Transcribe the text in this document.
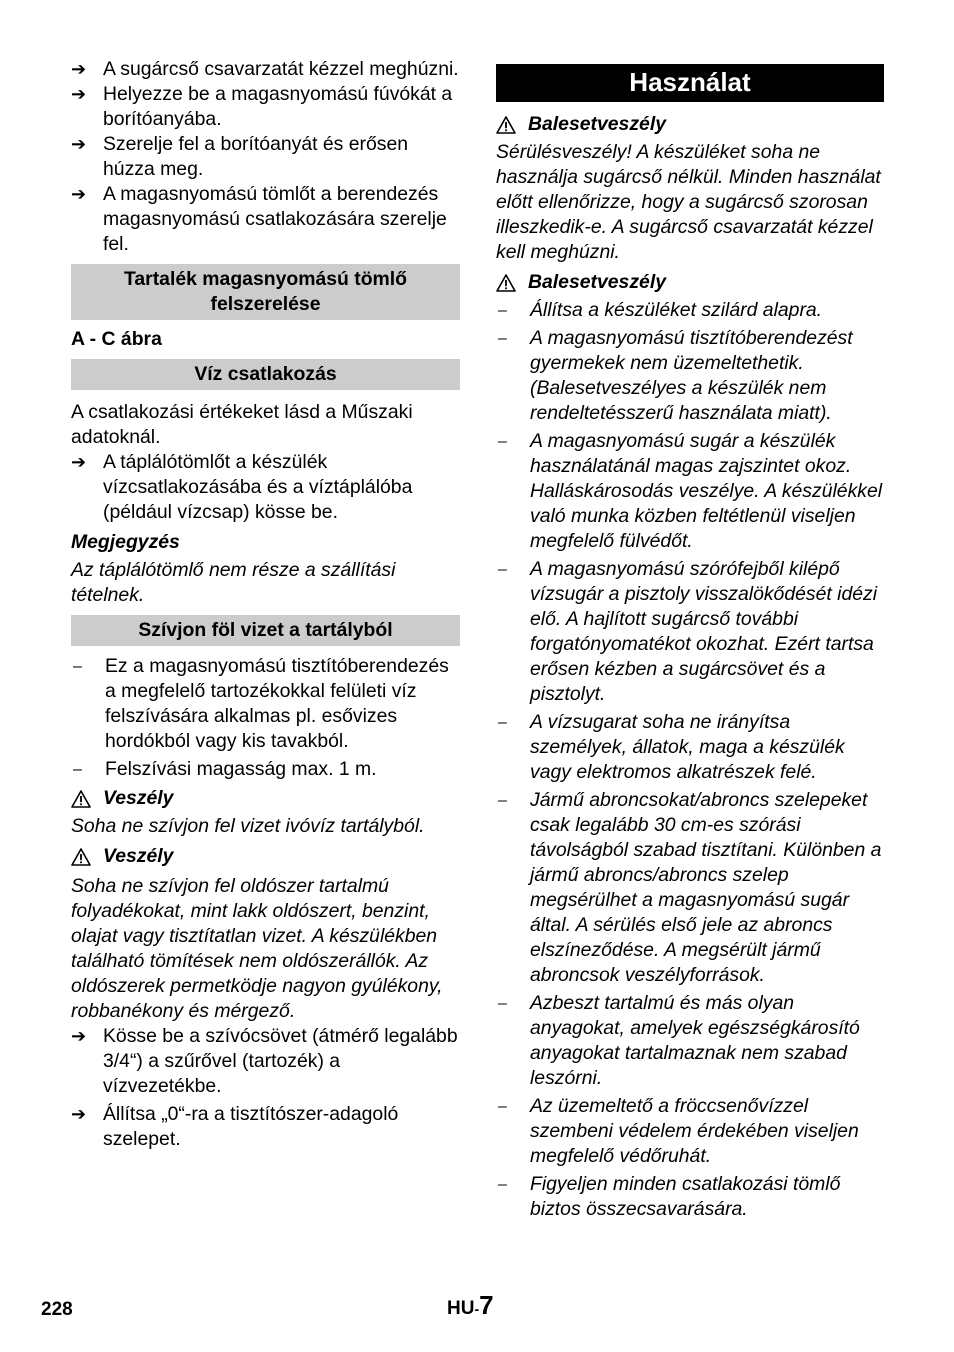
➔ A sugárcső csavarzatát kézzel meghúzni.
➔ Helyezze be a magasnyomású fúvókát a borítóanyába.
➔ Szerelje fel a borítóanyát és erősen húzza meg.
➔ A magasnyomású tömlőt a berendezés magasnyomású csatlakozására szerelje fel.
Tartalék magasnyomású tömlő felszerelése
A - C ábra
Víz csatlakozás
A csatlakozási értékeket lásd a Műszaki adatoknál.
➔ A táplálótömlőt a készülék vízcsatlakozásába és a víztáplálóba (például vízcsap) kösse be.
Megjegyzés
Az táplálótömlő nem része a szállítási tételnek.
Szívjon föl vizet a tartályból
–	Ez a magasnyomású tisztítóberendezés a megfelelő tartozékokkal felületi víz felszívására alkalmas pl. esővizes hordókból vagy kis tavakból.
–	Felszívási magasság max. 1 m.
Veszély
Soha ne szívjon fel vizet ivóvíz tartályból.
Veszély
Soha ne szívjon fel oldószer tartalmú folyadékokat, mint lakk oldószert, benzint, olajat vagy tisztítatlan vizet. A készülékben található tömítések nem oldószerállók. Az oldószerek permetködje nagyon gyúlékony, robbanékony és mérgező.
➔ Kösse be a szívócsövet (átmérő legalább 3/4“) a szűrővel (tartozék) a vízvezetékbe.
➔ Állítsa „0“-ra a tisztítószer-adagoló szelepet.
Használat
Balesetveszély
Sérülésveszély! A készüléket soha ne használja sugárcső nélkül. Minden használat előtt ellenőrizze, hogy a sugárcső szorosan illeszkedik-e. A sugárcső csavarzatát kézzel kell meghúzni.
Balesetveszély
–	Állítsa a készüléket szilárd alapra.
–	A magasnyomású tisztítóberendezést gyermekek nem üzemeltethetik. (Balesetveszélyes a készülék nem rendeltetésszerű használata miatt).
–	A magasnyomású sugár a készülék használatánál magas zajszintet okoz. Halláskárosodás veszélye. A készülékkel való munka közben feltétlenül viseljen megfelelő fülvédőt.
–	A magasnyomású szórófejből kilépő vízsugár a pisztoly visszalökődését idézi elő. A hajlított sugárcső további forgatónyomatékot okozhat. Ezért tartsa erősen kézben a sugárcsövet és a pisztolyt.
–	A vízsugarat soha ne irányítsa személyek, állatok, maga a készülék vagy elektromos alkatrészek felé.
–	Jármű abroncsokat/abroncs szelepeket csak legalább 30 cm-es szórási távolságból szabad tisztítani. Különben a jármű abroncs/abroncs szelep megsérülhet a magasnyomású sugár által. A sérülés első jele az abroncs elszíneződése. A megsérült jármű abroncsok veszélyforrások.
–	Azbeszt tartalmú és más olyan anyagokat, amelyek egészségkárosító anyagokat tartalmaznak nem szabad leszórni.
–	Az üzemeltető a fröccsenővízzel szembeni védelem érdekében viseljen megfelelő védőruhát.
–	Figyeljen minden csatlakozási tömlő biztos összecsavarására.
228	HU-7
